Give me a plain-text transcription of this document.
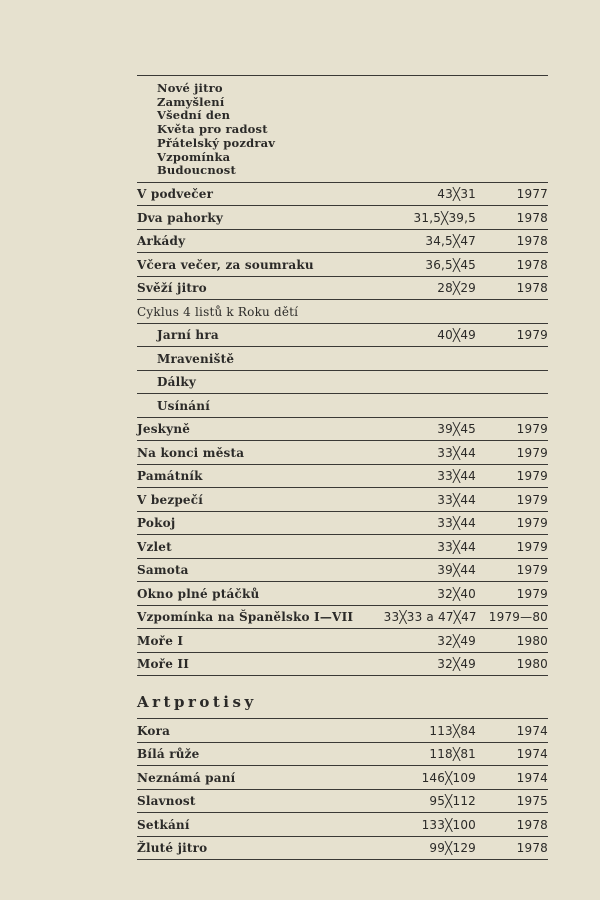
Nové jitro
Zamyšlení
Všední den
Květa pro radost
Přátelský pozdrav
Vzpomínka
Budoucnost
V podvečer	43╳31	1977
Dva pahorky	31,5╳39,5	1978
Arkády	34,5╳47	1978
Včera večer, za soumraku	36,5╳45	1978
Svěží jitro	28╳29	1978
Cyklus 4 listů k Roku dětí
Jarní hra	40╳49	1979
Mraveniště
Dálky
Usínání
Jeskyně	39╳45	1979
Na konci města	33╳44	1979
Památník	33╳44	1979
V bezpečí	33╳44	1979
Pokoj	33╳44	1979
Vzlet	33╳44	1979
Samota	39╳44	1979
Okno plné ptáčků	32╳40	1979
Vzpomínka na Španělsko I—VII	33╳33 a 47╳47	1979—80
Moře I	32╳49	1980
Moře II	32╳49	1980
Artprotisy
Kora	113╳84	1974
Bílá růže	118╳81	1974
Neznámá paní	146╳109	1974
Slavnost	95╳112	1975
Setkání	133╳100	1978
Žluté jitro	99╳129	1978
